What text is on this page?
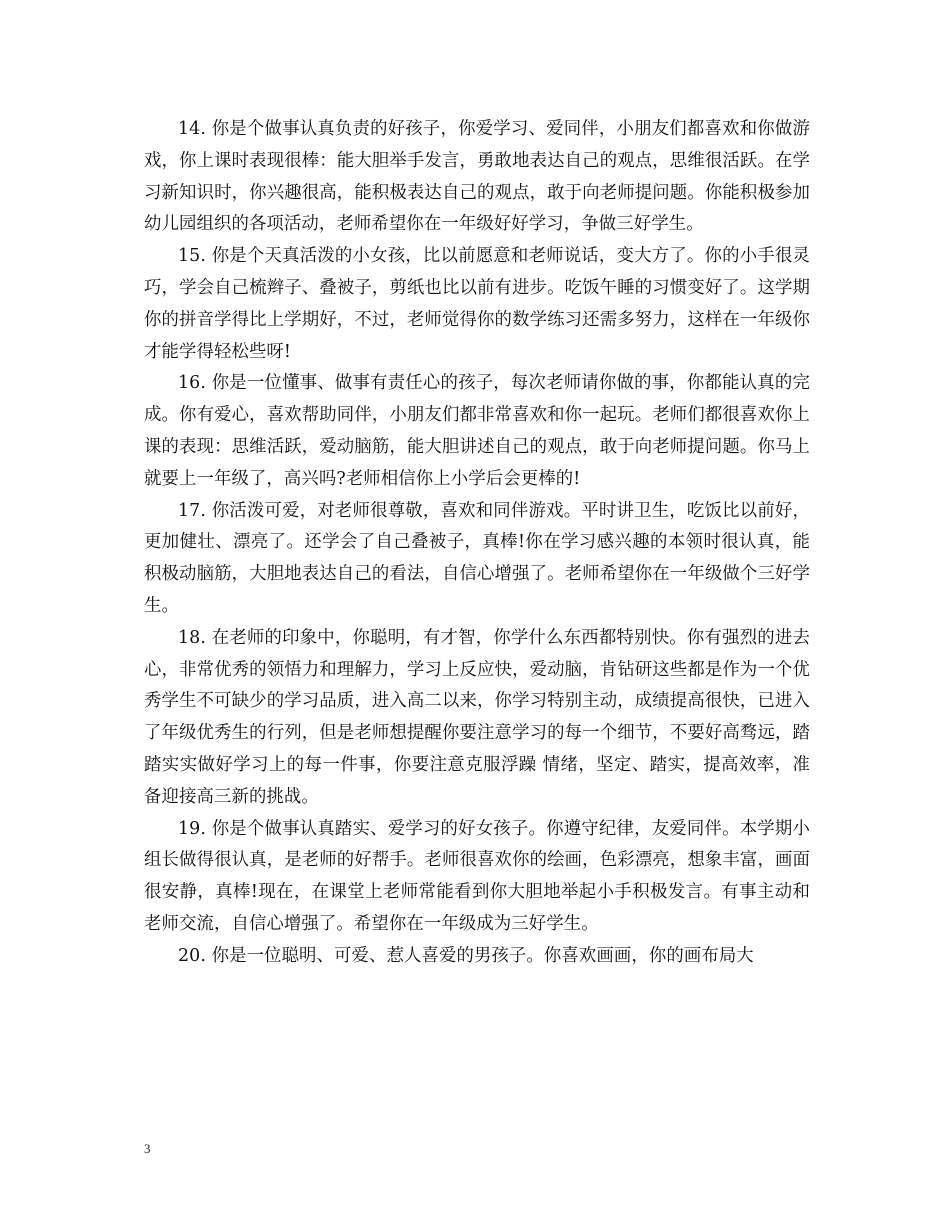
14. 你是个做事认真负责的好孩子，你爱学习、爱同伴，小朋友们都喜欢和你做游戏，你上课时表现很棒：能大胆举手发言，勇敢地表达自己的观点，思维很活跃。在学习新知识时，你兴趣很高，能积极表达自己的观点，敢于向老师提问题。你能积极参加幼儿园组织的各项活动，老师希望你在一年级好好学习，争做三好学生。

15. 你是个天真活泼的小女孩，比以前愿意和老师说话，变大方了。你的小手很灵巧，学会自己梳辫子、叠被子，剪纸也比以前有进步。吃饭午睡的习惯变好了。这学期你的拼音学得比上学期好，不过，老师觉得你的数学练习还需多努力，这样在一年级你才能学得轻松些呀!

16. 你是一位懂事、做事有责任心的孩子，每次老师请你做的事，你都能认真的完成。你有爱心，喜欢帮助同伴，小朋友们都非常喜欢和你一起玩。老师们都很喜欢你上课的表现：思维活跃，爱动脑筋，能大胆讲述自己的观点，敢于向老师提问题。你马上就要上一年级了，高兴吗?老师相信你上小学后会更棒的!

17. 你活泼可爱，对老师很尊敬，喜欢和同伴游戏。平时讲卫生，吃饭比以前好，更加健壮、漂亮了。还学会了自己叠被子，真棒!你在学习感兴趣的本领时很认真，能积极动脑筋，大胆地表达自己的看法，自信心增强了。老师希望你在一年级做个三好学生。

18. 在老师的印象中，你聪明，有才智，你学什么东西都特别快。你有强烈的进去心，非常优秀的领悟力和理解力，学习上反应快，爱动脑，肯钻研这些都是作为一个优秀学生不可缺少的学习品质，进入高二以来，你学习特别主动，成绩提高很快，已进入了年级优秀生的行列，但是老师想提醒你要注意学习的每一个细节，不要好高骛远，踏踏实实做好学习上的每一件事，你要注意克服浮躁 情绪，坚定、踏实，提高效率，准备迎接高三新的挑战。

19. 你是个做事认真踏实、爱学习的好女孩子。你遵守纪律，友爱同伴。本学期小组长做得很认真，是老师的好帮手。老师很喜欢你的绘画，色彩漂亮，想象丰富，画面很安静，真棒!现在，在课堂上老师常能看到你大胆地举起小手积极发言。有事主动和老师交流，自信心增强了。希望你在一年级成为三好学生。

20. 你是一位聪明、可爱、惹人喜爱的男孩子。你喜欢画画，你的画布局大

3
